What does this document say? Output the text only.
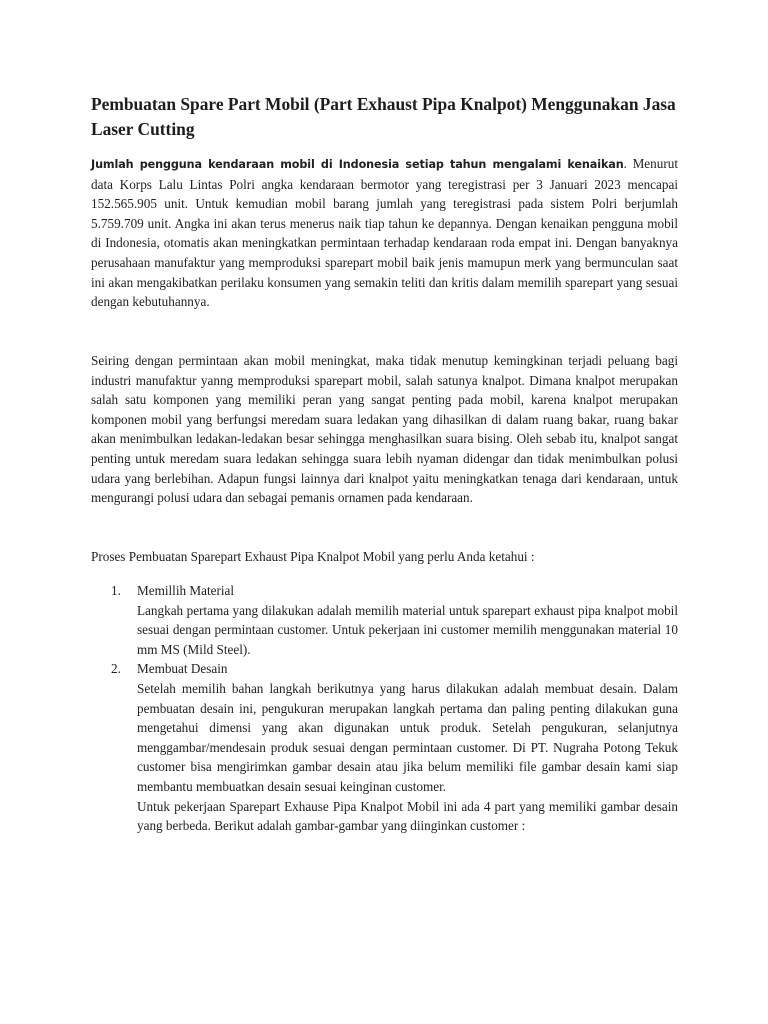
Pembuatan Spare Part Mobil (Part Exhaust Pipa Knalpot) Menggunakan Jasa Laser Cutting

Jumlah pengguna kendaraan mobil di Indonesia setiap tahun mengalami kenaikan. Menurut data Korps Lalu Lintas Polri angka kendaraan bermotor yang teregistrasi per 3 Januari 2023 mencapai 152.565.905 unit. Untuk kemudian mobil barang jumlah yang teregistrasi pada sistem Polri berjumlah 5.759.709 unit. Angka ini akan terus menerus naik tiap tahun ke depannya. Dengan kenaikan pengguna mobil di Indonesia, otomatis akan meningkatkan permintaan terhadap kendaraan roda empat ini. Dengan banyaknya perusahaan manufaktur yang memproduksi sparepart mobil baik jenis mamupun merk yang bermunculan saat ini akan mengakibatkan perilaku konsumen yang semakin teliti dan kritis dalam memilih sparepart yang sesuai dengan kebutuhannya.

Seiring dengan permintaan akan mobil meningkat, maka tidak menutup kemingkinan terjadi peluang bagi industri manufaktur yanng memproduksi sparepart mobil, salah satunya knalpot. Dimana knalpot merupakan salah satu komponen yang memiliki peran yang sangat penting pada mobil, karena knalpot merupakan komponen mobil yang berfungsi meredam suara ledakan yang dihasilkan di dalam ruang bakar, ruang bakar akan menimbulkan ledakan-ledakan besar sehingga menghasilkan suara bising. Oleh sebab itu, knalpot sangat penting untuk meredam suara ledakan sehingga suara lebih nyaman didengar dan tidak menimbulkan polusi udara yang berlebihan. Adapun fungsi lainnya dari knalpot yaitu meningkatkan tenaga dari kendaraan, untuk mengurangi polusi udara dan sebagai pemanis ornamen pada kendaraan.

Proses Pembuatan Sparepart Exhaust Pipa Knalpot Mobil yang perlu Anda ketahui :

1. Memillih Material

Langkah pertama yang dilakukan adalah memilih material untuk sparepart exhaust pipa knalpot mobil sesuai dengan permintaan customer. Untuk pekerjaan ini customer memilih menggunakan material 10 mm MS (Mild Steel).

2. Membuat Desain

Setelah memilih bahan langkah berikutnya yang harus dilakukan adalah membuat desain. Dalam pembuatan desain ini, pengukuran merupakan langkah pertama dan paling penting dilakukan guna mengetahui dimensi yang akan digunakan untuk produk. Setelah pengukuran, selanjutnya menggambar/mendesain produk sesuai dengan permintaan customer. Di PT. Nugraha Potong Tekuk customer bisa mengirimkan gambar desain atau jika belum memiliki file gambar desain kami siap membantu membuatkan desain sesuai keinginan customer.

Untuk pekerjaan Sparepart Exhause Pipa Knalpot Mobil ini ada 4 part yang memiliki gambar desain yang berbeda. Berikut adalah gambar-gambar yang diinginkan customer :
